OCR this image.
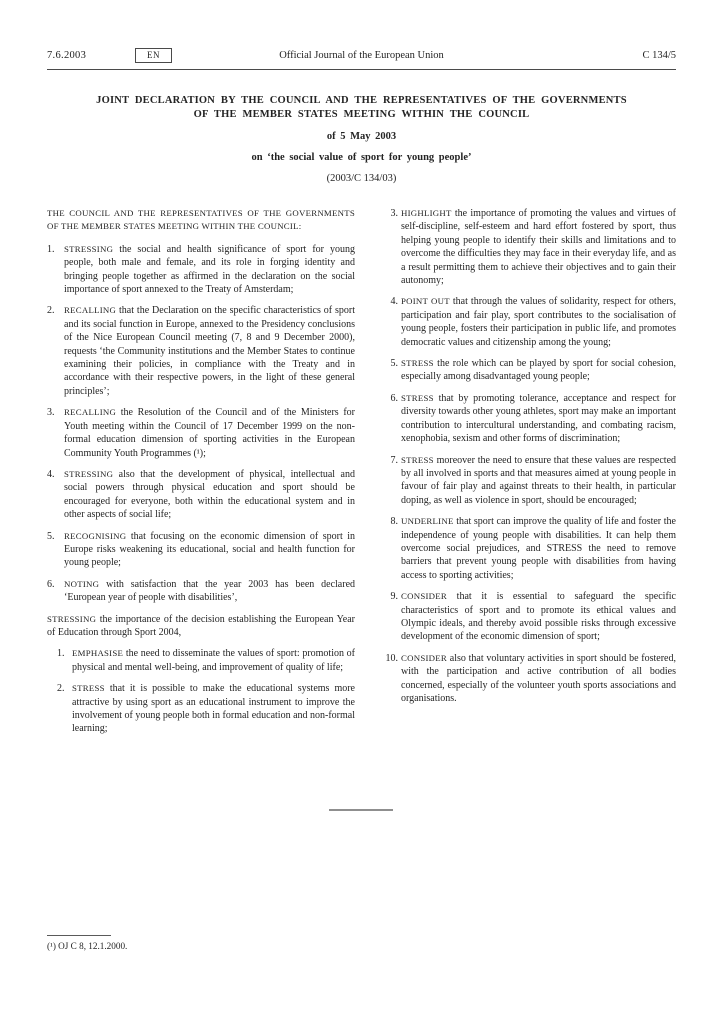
7.6.2003	EN	Official Journal of the European Union	C 134/5
JOINT DECLARATION BY THE COUNCIL AND THE REPRESENTATIVES OF THE GOVERNMENTS OF THE MEMBER STATES MEETING WITHIN THE COUNCIL
of 5 May 2003
on ‘the social value of sport for young people’
(2003/C 134/03)
THE COUNCIL AND THE REPRESENTATIVES OF THE GOVERNMENTS OF THE MEMBER STATES MEETING WITHIN THE COUNCIL:
1.	STRESSING the social and health significance of sport for young people, both male and female, and its role in forging identity and bringing people together as affirmed in the declaration on the social importance of sport annexed to the Treaty of Amsterdam;
2.	RECALLING that the Declaration on the specific characteristics of sport and its social function in Europe, annexed to the Presidency conclusions of the Nice European Council meeting (7, 8 and 9 December 2000), requests ‘the Community institutions and the Member States to continue examining their policies, in compliance with the Treaty and in accordance with their respective powers, in the light of these general principles’;
3.	RECALLING the Resolution of the Council and of the Ministers for Youth meeting within the Council of 17 December 1999 on the non-formal education dimension of sporting activities in the European Community Youth Programmes (¹);
4.	STRESSING also that the development of physical, intellectual and social powers through physical education and sport should be encouraged for everyone, both within the educational system and in other aspects of social life;
5.	RECOGNISING that focusing on the economic dimension of sport in Europe risks weakening its educational, social and health function for young people;
6.	NOTING with satisfaction that the year 2003 has been declared ‘European year of people with disabilities’,
STRESSING the importance of the decision establishing the European Year of Education through Sport 2004,
1. EMPHASISE the need to disseminate the values of sport: promotion of physical and mental well-being, and improvement of quality of life;
2. STRESS that it is possible to make the educational systems more attractive by using sport as an educational instrument to improve the involvement of young people both in formal education and non-formal learning;
3. HIGHLIGHT the importance of promoting the values and virtues of self-discipline, self-esteem and hard effort fostered by sport, thus helping young people to identify their skills and limitations and to overcome the difficulties they may face in their everyday life, and as a result permitting them to achieve their objectives and to gain their autonomy;
4. POINT OUT that through the values of solidarity, respect for others, participation and fair play, sport contributes to the socialisation of young people, fosters their participation in public life, and promotes democratic values and citizenship among the young;
5. STRESS the role which can be played by sport for social cohesion, especially among disadvantaged young people;
6. STRESS that by promoting tolerance, acceptance and respect for diversity towards other young athletes, sport may make an important contribution to intercultural understanding, and combating racism, xenophobia, sexism and other forms of discrimination;
7. STRESS moreover the need to ensure that these values are respected by all involved in sports and that measures aimed at young people in favour of fair play and against threats to their health, in particular doping, as well as violence in sport, should be encouraged;
8. UNDERLINE that sport can improve the quality of life and foster the independence of young people with disabilities. It can help them overcome social prejudices, and STRESS the need to remove barriers that prevent young people with disabilities from having access to sporting activities;
9. CONSIDER that it is essential to safeguard the specific characteristics of sport and to promote its ethical values and Olympic ideals, and thereby avoid possible risks through excessive development of the economic dimension of sport;
10. CONSIDER also that voluntary activities in sport should be fostered, with the participation and active contribution of all bodies concerned, especially of the volunteer youth sports associations and organisations.
(¹) OJ C 8, 12.1.2000.
